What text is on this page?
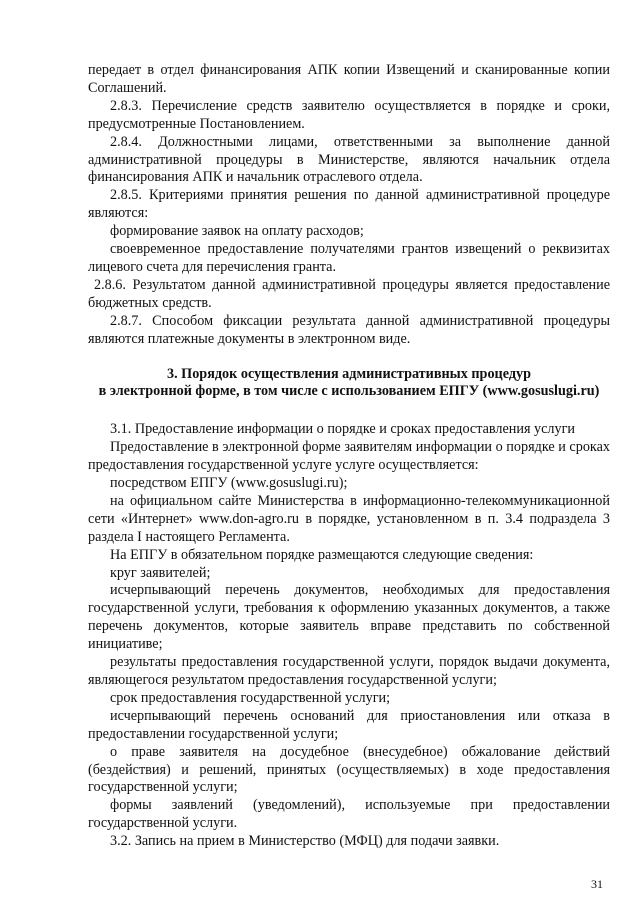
передает в отдел финансирования АПК копии Извещений и сканированные копии Соглашений.

2.8.3. Перечисление средств заявителю осуществляется в порядке и сроки, предусмотренные Постановлением.

2.8.4. Должностными лицами, ответственными за выполнение данной административной процедуры в Министерстве, являются начальник отдела финансирования АПК и начальник отраслевого отдела.

2.8.5. Критериями принятия решения по данной административной процедуре являются:

формирование заявок на оплату расходов;

своевременное предоставление получателями грантов извещений о реквизитах лицевого счета для перечисления гранта.

2.8.6. Результатом данной административной процедуры является предоставление бюджетных средств.

2.8.7. Способом фиксации результата данной административной процедуры являются платежные документы в электронном виде.

3. Порядок осуществления административных процедур
в электронной форме, в том числе с использованием ЕПГУ (www.gosuslugi.ru)

3.1. Предоставление информации о порядке и сроках предоставления услуги

Предоставление в электронной форме заявителям информации о порядке и сроках предоставления государственной услуге услуге осуществляется:

посредством ЕПГУ (www.gosuslugi.ru);

на официальном сайте Министерства в информационно-телекоммуникационной сети «Интернет» www.don-agro.ru в порядке, установленном в п. 3.4 подраздела 3 раздела I настоящего Регламента.

На ЕПГУ в обязательном порядке размещаются следующие сведения:

круг заявителей;

исчерпывающий перечень документов, необходимых для предоставления государственной услуги, требования к оформлению указанных документов, а также перечень документов, которые заявитель вправе представить по собственной инициативе;

результаты предоставления государственной услуги, порядок выдачи документа, являющегося результатом предоставления государственной услуги;

срок предоставления государственной услуги;

исчерпывающий перечень оснований для приостановления или отказа в предоставлении государственной услуги;

о праве заявителя на досудебное (внесудебное) обжалование действий (бездействия) и решений, принятых (осуществляемых) в ходе предоставления государственной услуги;

формы заявлений (уведомлений), используемые при предоставлении государственной услуги.

3.2. Запись на прием в Министерство (МФЦ) для подачи заявки.

31
